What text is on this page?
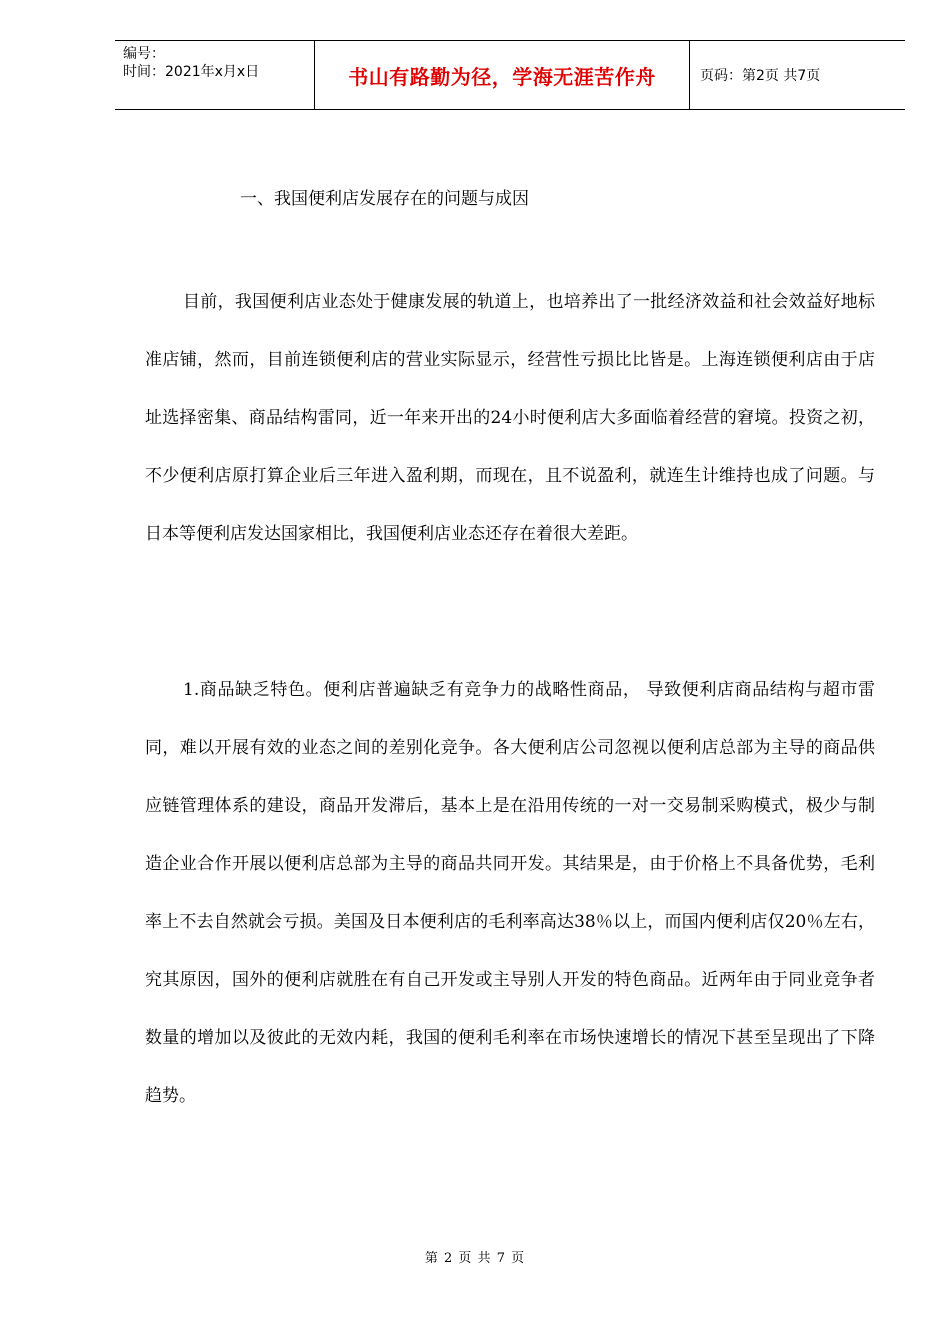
编号：
时间：2021年x月x日	书山有路勤为径，学海无涯苦作舟	页码：第2页 共7页
一、我国便利店发展存在的问题与成因

目前，我国便利店业态处于健康发展的轨道上，也培养出了一批经济效益和社会效益好地标准店铺，然而，目前连锁便利店的营业实际显示，经营性亏损比比皆是。上海连锁便利店由于店址选择密集、商品结构雷同，近一年来开出的24小时便利店大多面临着经营的窘境。投资之初，不少便利店原打算企业后三年进入盈利期，而现在，且不说盈利，就连生计维持也成了问题。与日本等便利店发达国家相比，我国便利店业态还存在着很大差距。

1.商品缺乏特色。便利店普遍缺乏有竞争力的战略性商品， 导致便利店商品结构与超市雷同，难以开展有效的业态之间的差别化竞争。各大便利店公司忽视以便利店总部为主导的商品供应链管理体系的建设，商品开发滞后，基本上是在沿用传统的一对一交易制采购模式，极少与制造企业合作开展以便利店总部为主导的商品共同开发。其结果是，由于价格上不具备优势，毛利率上不去自然就会亏损。美国及日本便利店的毛利率高达38％以上，而国内便利店仅20％左右，究其原因，国外的便利店就胜在有自己开发或主导别人开发的特色商品。近两年由于同业竞争者数量的增加以及彼此的无效内耗，我国的便利毛利率在市场快速增长的情况下甚至呈现出了下降趋势。

第 2 页 共 7 页
